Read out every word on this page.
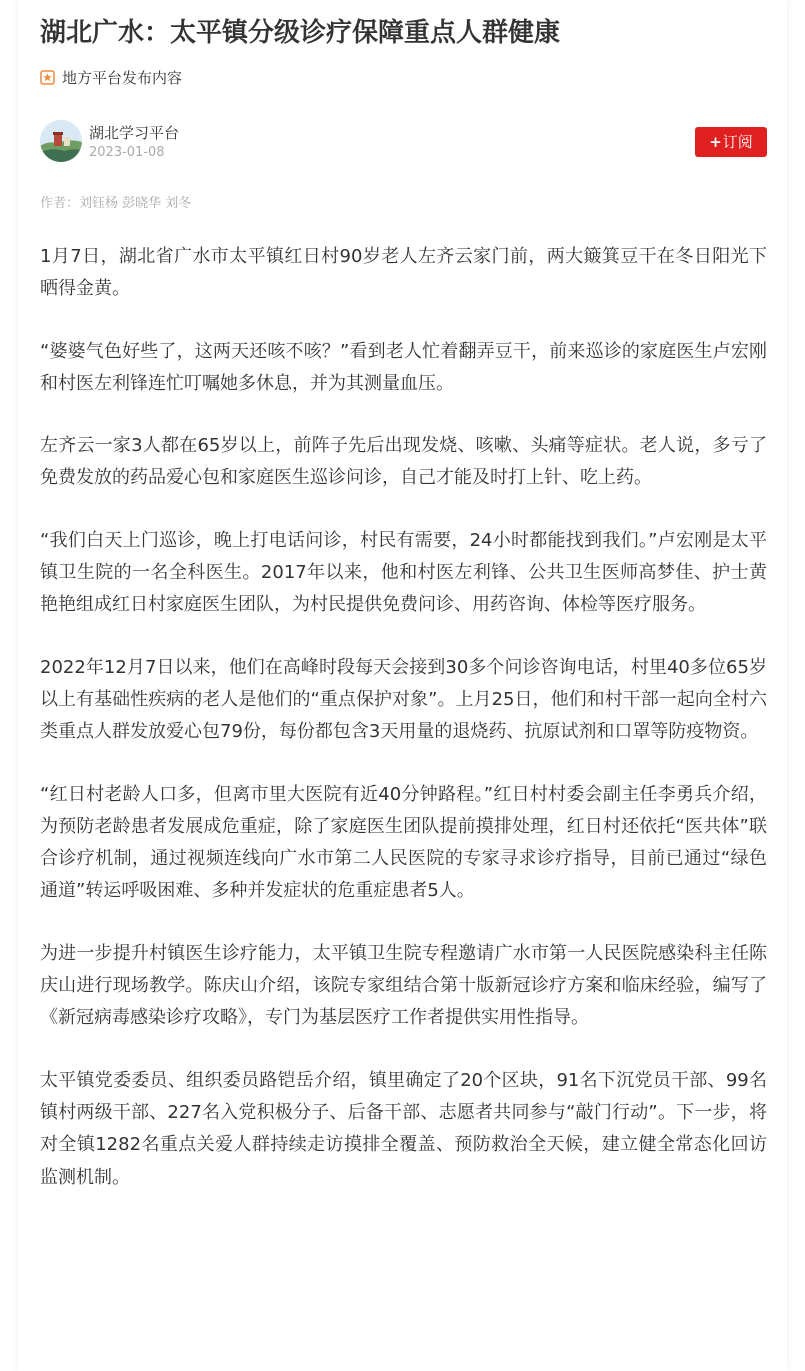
湖北广水：太平镇分级诊疗保障重点人群健康
地方平台发布内容
湖北学习平台
2023-01-08
+订阅
作者：刘钰杨 彭晓华 刘冬

1月7日，湖北省广水市太平镇红日村90岁老人左齐云家门前，两大簸箕豆干在冬日阳光下晒得金黄。

“婆婆气色好些了，这两天还咳不咳？”看到老人忙着翻弄豆干，前来巡诊的家庭医生卢宏刚和村医左利锋连忙叮嘱她多休息，并为其测量血压。

左齐云一家3人都在65岁以上，前阵子先后出现发烧、咳嗽、头痛等症状。老人说，多亏了免费发放的药品爱心包和家庭医生巡诊问诊，自己才能及时打上针、吃上药。

“我们白天上门巡诊，晚上打电话问诊，村民有需要，24小时都能找到我们。”卢宏刚是太平镇卫生院的一名全科医生。2017年以来，他和村医左利锋、公共卫生医师高梦佳、护士黄艳艳组成红日村家庭医生团队，为村民提供免费问诊、用药咨询、体检等医疗服务。

2022年12月7日以来，他们在高峰时段每天会接到30多个问诊咨询电话，村里40多位65岁以上有基础性疾病的老人是他们的“重点保护对象”。上月25日，他们和村干部一起向全村六类重点人群发放爱心包79份，每份都包含3天用量的退烧药、抗原试剂和口罩等防疫物资。

“红日村老龄人口多，但离市里大医院有近40分钟路程。”红日村村委会副主任李勇兵介绍，为预防老龄患者发展成危重症，除了家庭医生团队提前摸排处理，红日村还依托“医共体”联合诊疗机制，通过视频连线向广水市第二人民医院的专家寻求诊疗指导，目前已通过“绿色通道”转运呼吸困难、多种并发症状的危重症患者5人。

为进一步提升村镇医生诊疗能力，太平镇卫生院专程邀请广水市第一人民医院感染科主任陈庆山进行现场教学。陈庆山介绍，该院专家组结合第十版新冠诊疗方案和临床经验，编写了《新冠病毒感染诊疗攻略》，专门为基层医疗工作者提供实用性指导。

太平镇党委委员、组织委员路铠岳介绍，镇里确定了20个区块，91名下沉党员干部、99名镇村两级干部、227名入党积极分子、后备干部、志愿者共同参与“敲门行动”。下一步，将对全镇1282名重点关爱人群持续走访摸排全覆盖、预防救治全天候，建立健全常态化回访监测机制。
